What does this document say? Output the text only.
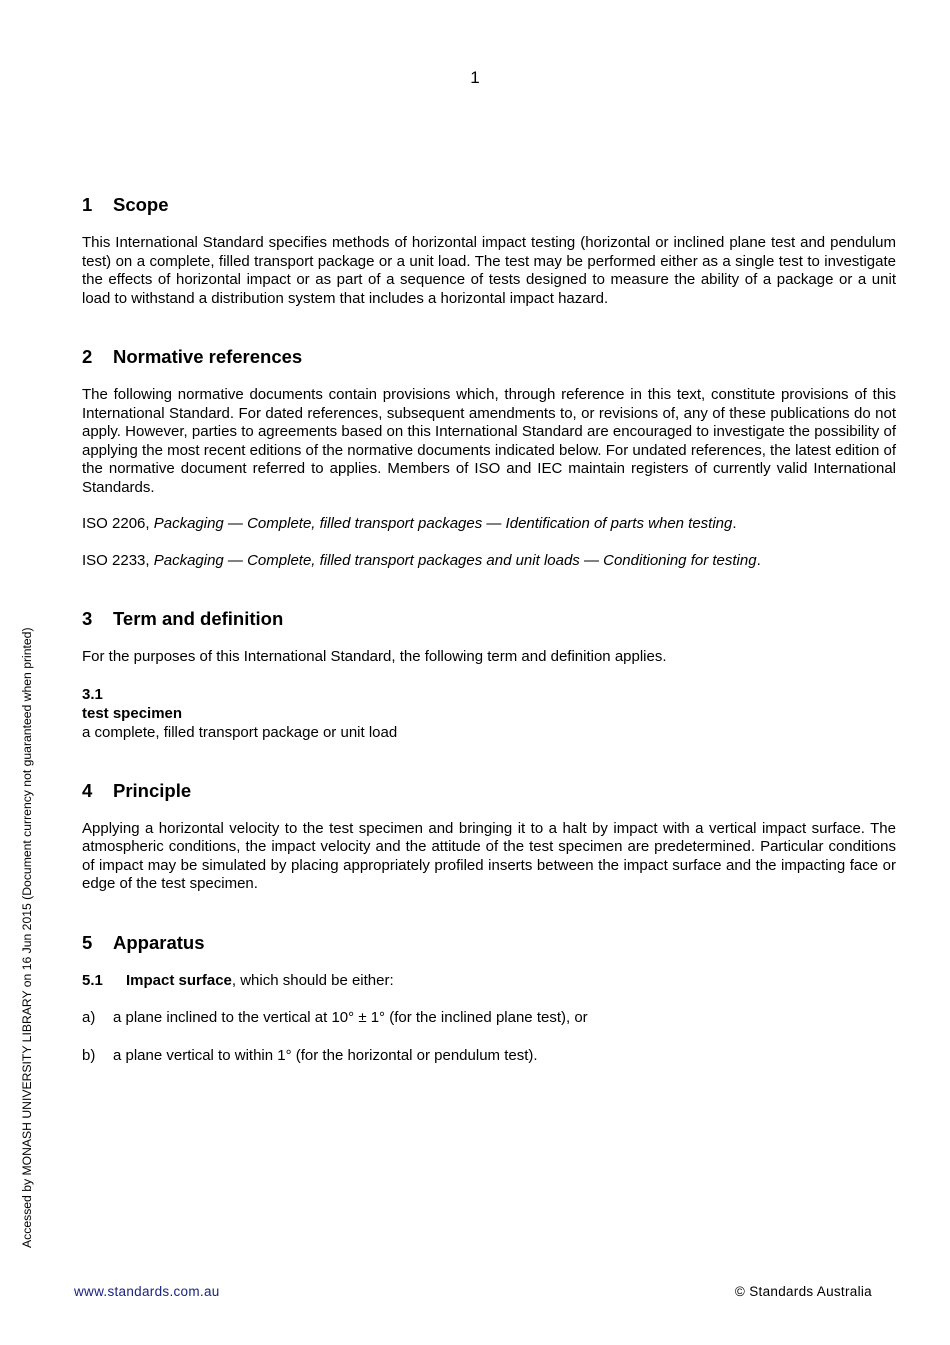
1
1	Scope

This International Standard specifies methods of horizontal impact testing (horizontal or inclined plane test and pendulum test) on a complete, filled transport package or a unit load. The test may be performed either as a single test to investigate the effects of horizontal impact or as part of a sequence of tests designed to measure the ability of a package or a unit load to withstand a distribution system that includes a horizontal impact hazard.

2	Normative references

The following normative documents contain provisions which, through reference in this text, constitute provisions of this International Standard. For dated references, subsequent amendments to, or revisions of, any of these publications do not apply. However, parties to agreements based on this International Standard are encouraged to investigate the possibility of applying the most recent editions of the normative documents indicated below. For undated references, the latest edition of the normative document referred to applies. Members of ISO and IEC maintain registers of currently valid International Standards.

ISO 2206, Packaging — Complete, filled transport packages — Identification of parts when testing.

ISO 2233, Packaging — Complete, filled transport packages and unit loads — Conditioning for testing.

3	Term and definition

For the purposes of this International Standard, the following term and definition applies.

3.1
test specimen
a complete, filled transport package or unit load
4	Principle

Applying a horizontal velocity to the test specimen and bringing it to a halt by impact with a vertical impact surface. The atmospheric conditions, the impact velocity and the attitude of the test specimen are predetermined. Particular conditions of impact may be simulated by placing appropriately profiled inserts between the impact surface and the impacting face or edge of the test specimen.

5	Apparatus
5.1	Impact surface, which should be either:
a)	a plane inclined to the vertical at 10° ± 1° (for the inclined plane test), or
b)	a plane vertical to within 1° (for the horizontal or pendulum test).
Accessed by MONASH UNIVERSITY LIBRARY on 16 Jun 2015 (Document currency not guaranteed when printed)
www.standards.com.au	© Standards Australia
